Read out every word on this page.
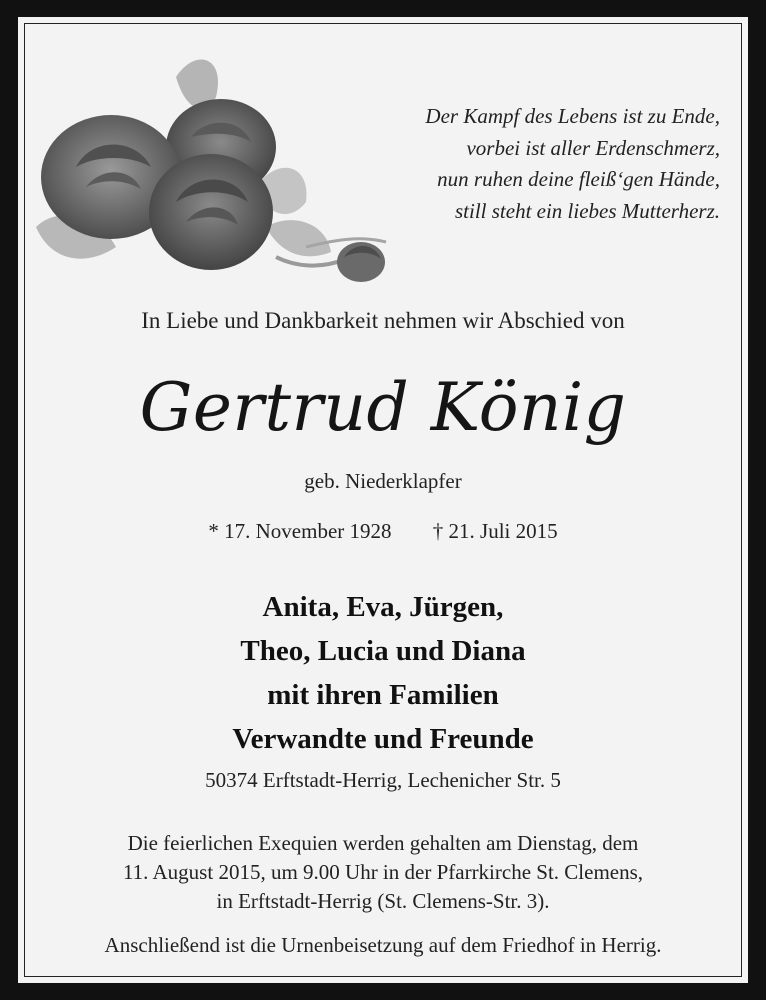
Der Kampf des Lebens ist zu Ende,
vorbei ist aller Erdenschmerz,
nun ruhen deine fleiß‘gen Hände,
still steht ein liebes Mutterherz.
In Liebe und Dankbarkeit nehmen wir Abschied von
Gertrud König
geb. Niederklapfer
* 17. November 1928 † 21. Juli 2015
Anita, Eva, Jürgen,
Theo, Lucia und Diana
mit ihren Familien
Verwandte und Freunde
50374 Erftstadt-Herrig, Lechenicher Str. 5
Die feierlichen Exequien werden gehalten am Dienstag, dem
11. August 2015, um 9.00 Uhr in der Pfarrkirche St. Clemens,
in Erftstadt-Herrig (St. Clemens-Str. 3).
Anschließend ist die Urnenbeisetzung auf dem Friedhof in Herrig.
